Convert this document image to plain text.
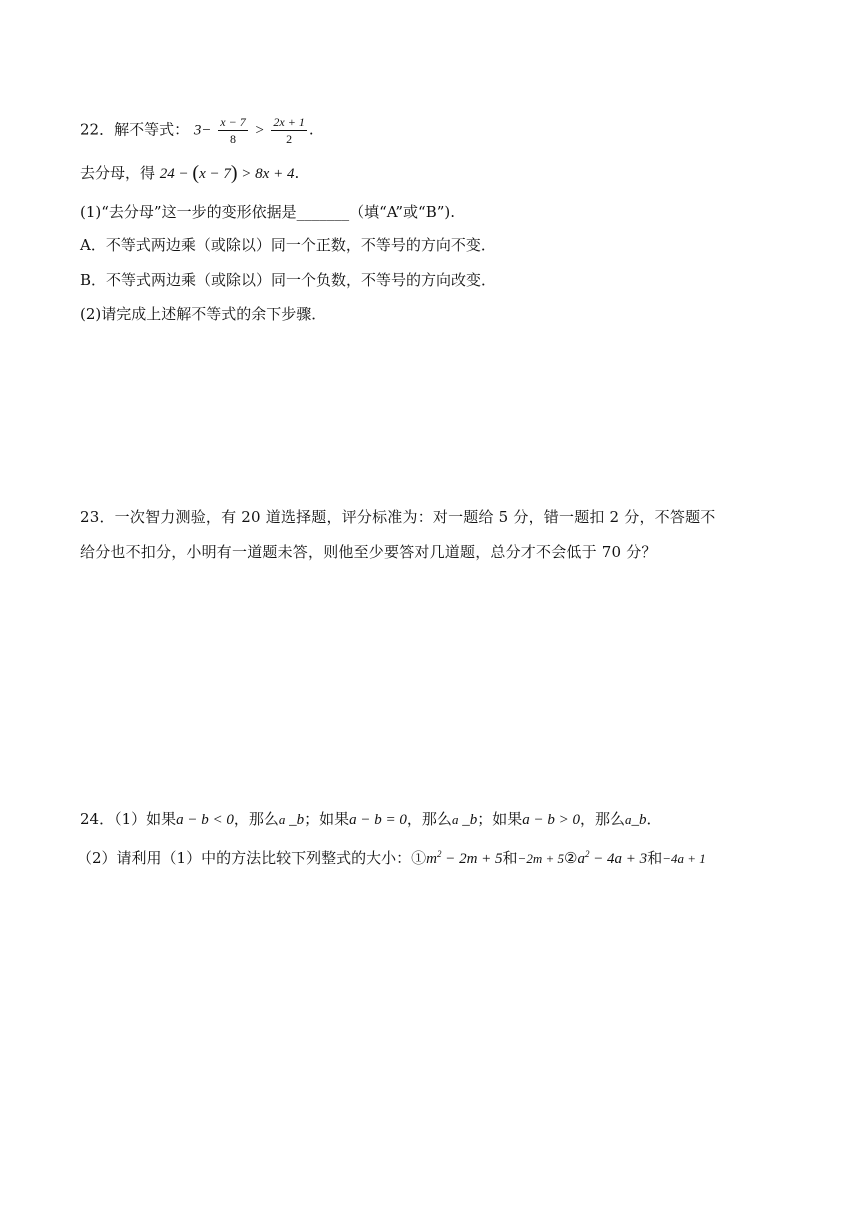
22．解不等式： $3- \frac{x - 7}{8} > \frac{2x + 1}{2}$ .
去分母，得 24 − (x − 7) > 8x + 4.
(1)“去分母”这一步的变形依据是_______（填“A”或“B”).
A．不等式两边乘（或除以）同一个正数，不等号的方向不变．
B．不等式两边乘（或除以）同一个负数，不等号的方向改变．
(2)请完成上述解不等式的余下步骤．
23．一次智力测验，有 20 道选择题，评分标准为：对一题给 5 分，错一题扣 2 分，不答题不
给分也不扣分，小明有一道题未答，则他至少要答对几道题，总分才不会低于 70 分？
24．（1）如果a − b < 0，那么a _b；如果a − b = 0，那么a _b；如果a − b > 0，那么a_b．
（2）请利用（1）中的方法比较下列整式的大小：$①m^2 - 2m + 5$和$-2m + 5②a^2 - 4a + 3$和−4a + 1
